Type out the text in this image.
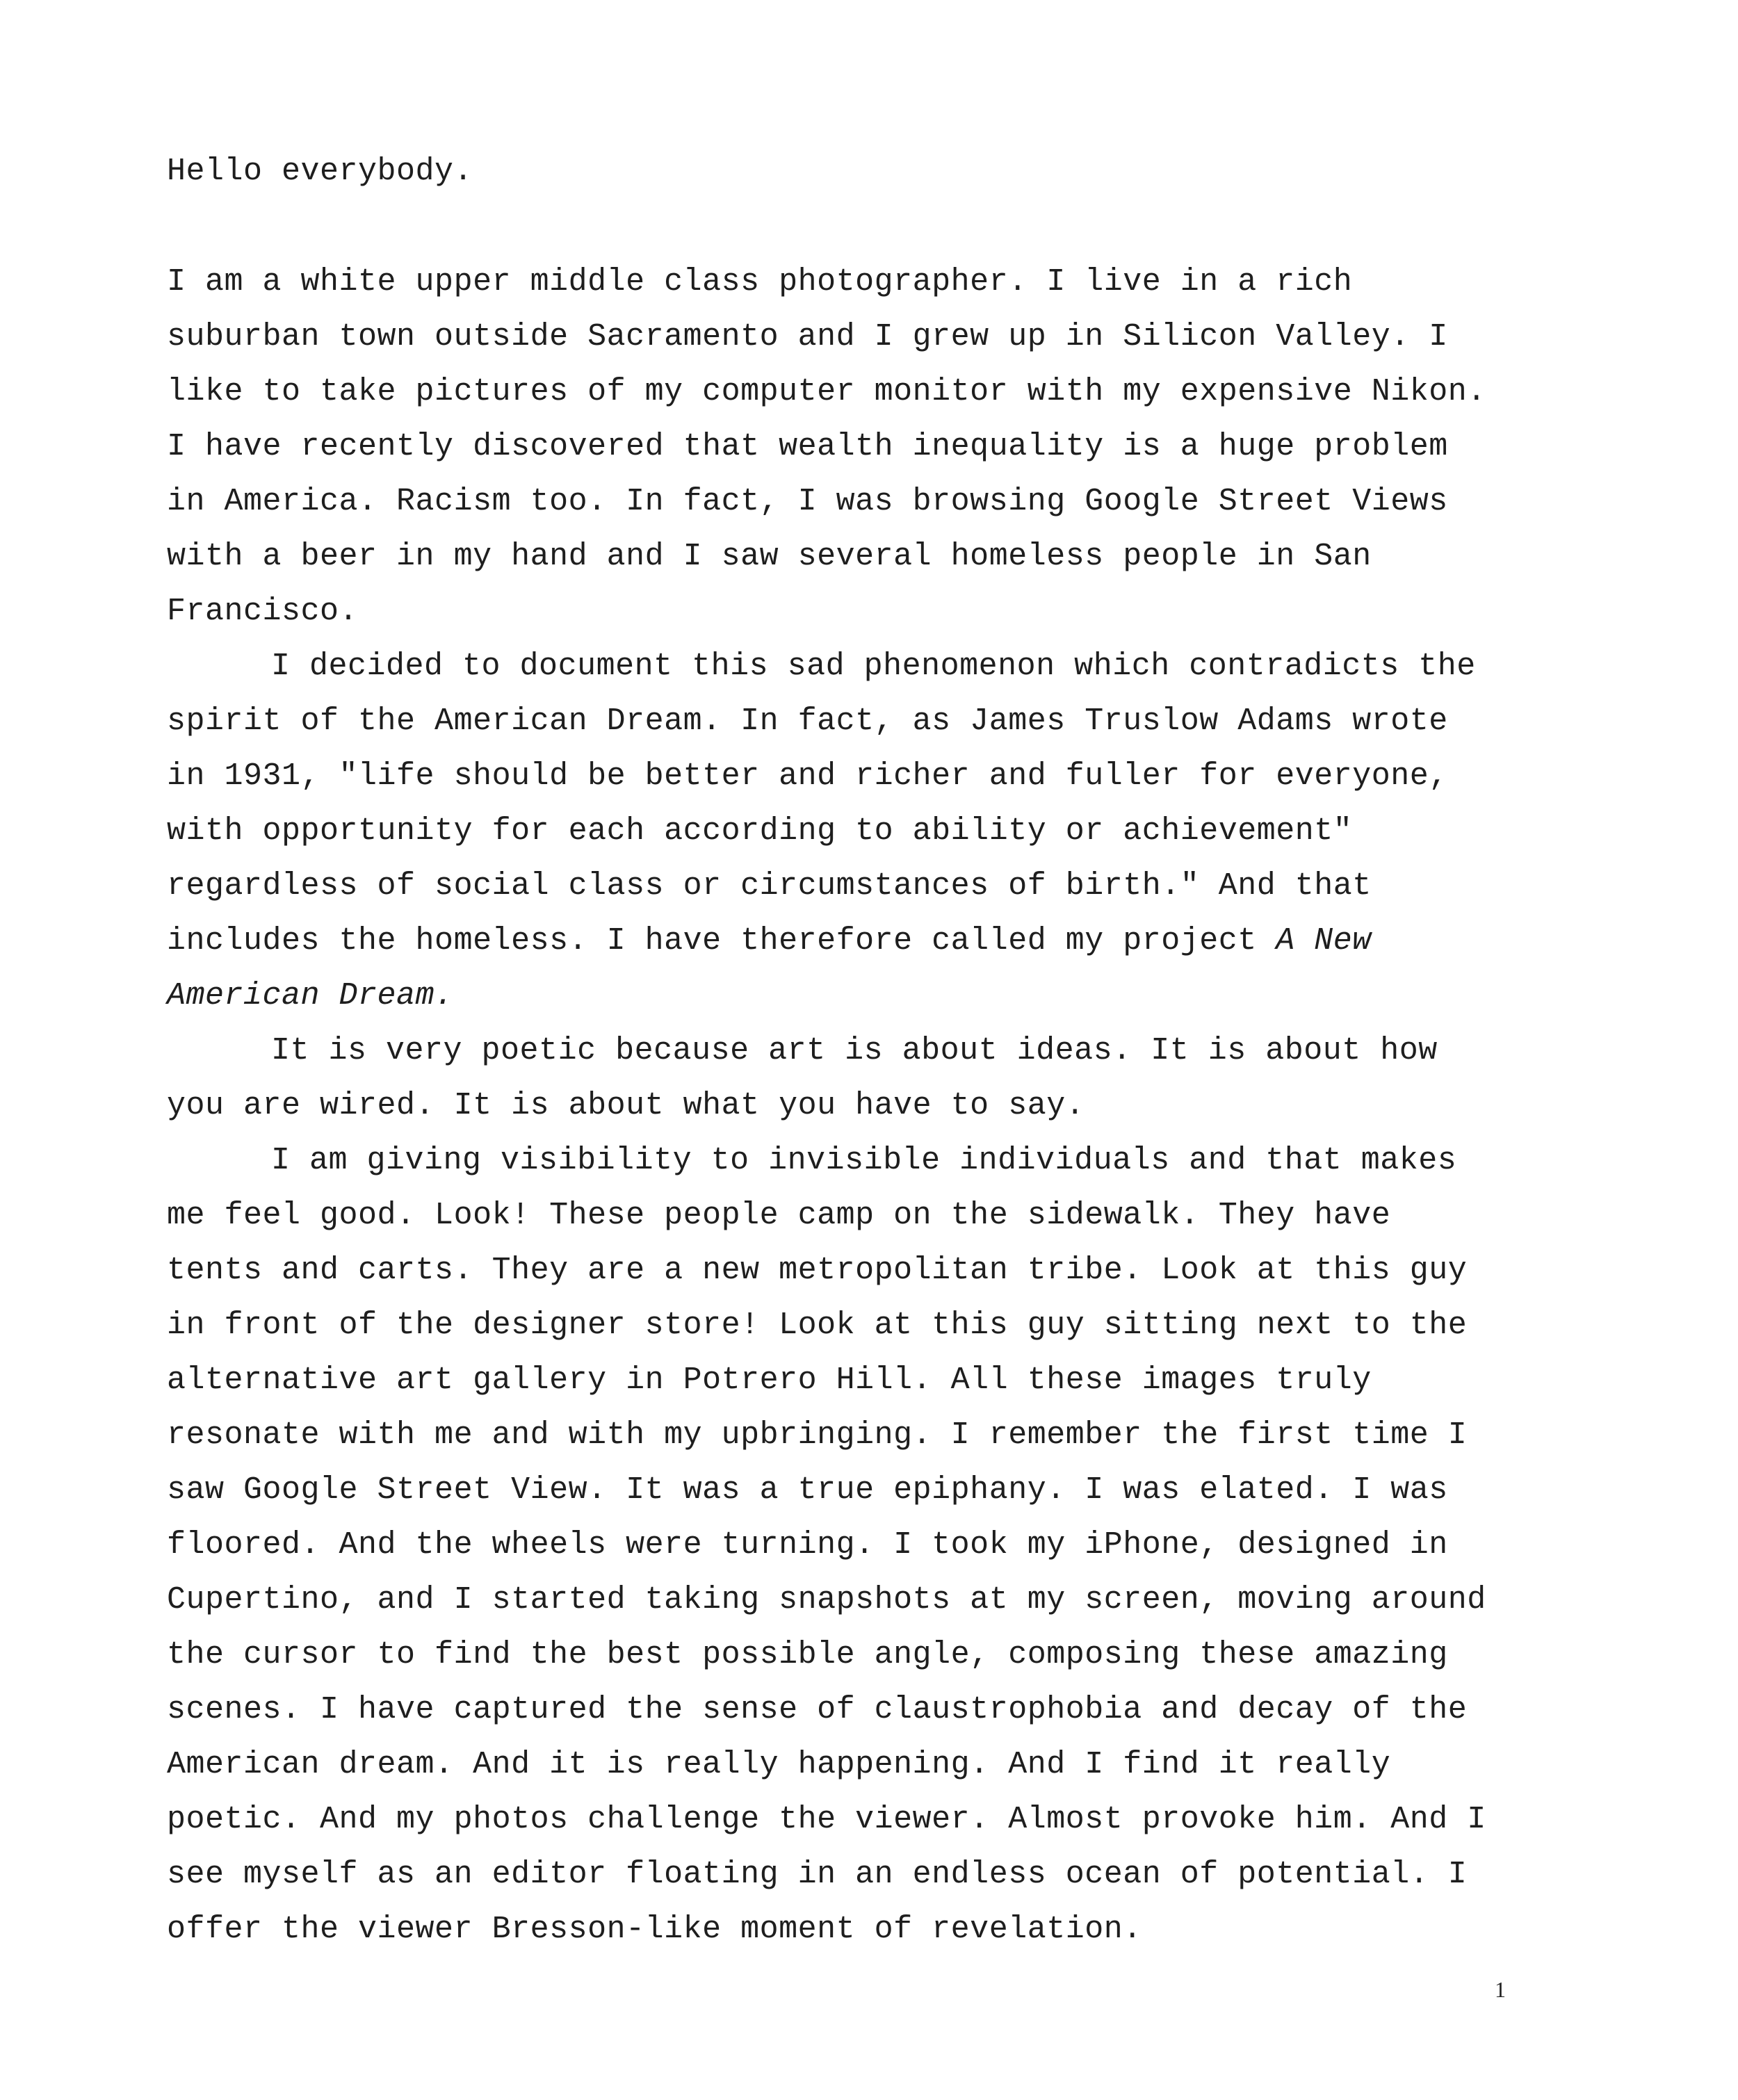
Hello everybody.
I am a white upper middle class photographer. I live in a rich
suburban town outside Sacramento and I grew up in Silicon Valley. I
like to take pictures of my computer monitor with my expensive Nikon.
I have recently discovered that wealth inequality is a huge problem
in America. Racism too. In fact, I was browsing Google Street Views
with a beer in my hand and I saw several homeless people in San
Francisco.
I decided to document this sad phenomenon which contradicts the
spirit of the American Dream. In fact, as James Truslow Adams wrote
in 1931, "life should be better and richer and fuller for everyone,
with opportunity for each according to ability or achievement"
regardless of social class or circumstances of birth." And that
includes the homeless. I have therefore called my project A New
American Dream.
It is very poetic because art is about ideas. It is about how
you are wired. It is about what you have to say.
I am giving visibility to invisible individuals and that makes
me feel good. Look! These people camp on the sidewalk. They have
tents and carts. They are a new metropolitan tribe. Look at this guy
in front of the designer store! Look at this guy sitting next to the
alternative art gallery in Potrero Hill. All these images truly
resonate with me and with my upbringing. I remember the first time I
saw Google Street View. It was a true epiphany. I was elated. I was
floored. And the wheels were turning. I took my iPhone, designed in
Cupertino, and I started taking snapshots at my screen, moving around
the cursor to find the best possible angle, composing these amazing
scenes. I have captured the sense of claustrophobia and decay of the
American dream. And it is really happening. And I find it really
poetic. And my photos challenge the viewer. Almost provoke him. And I
see myself as an editor floating in an endless ocean of potential. I
offer the viewer Bresson-like moment of revelation.
1
